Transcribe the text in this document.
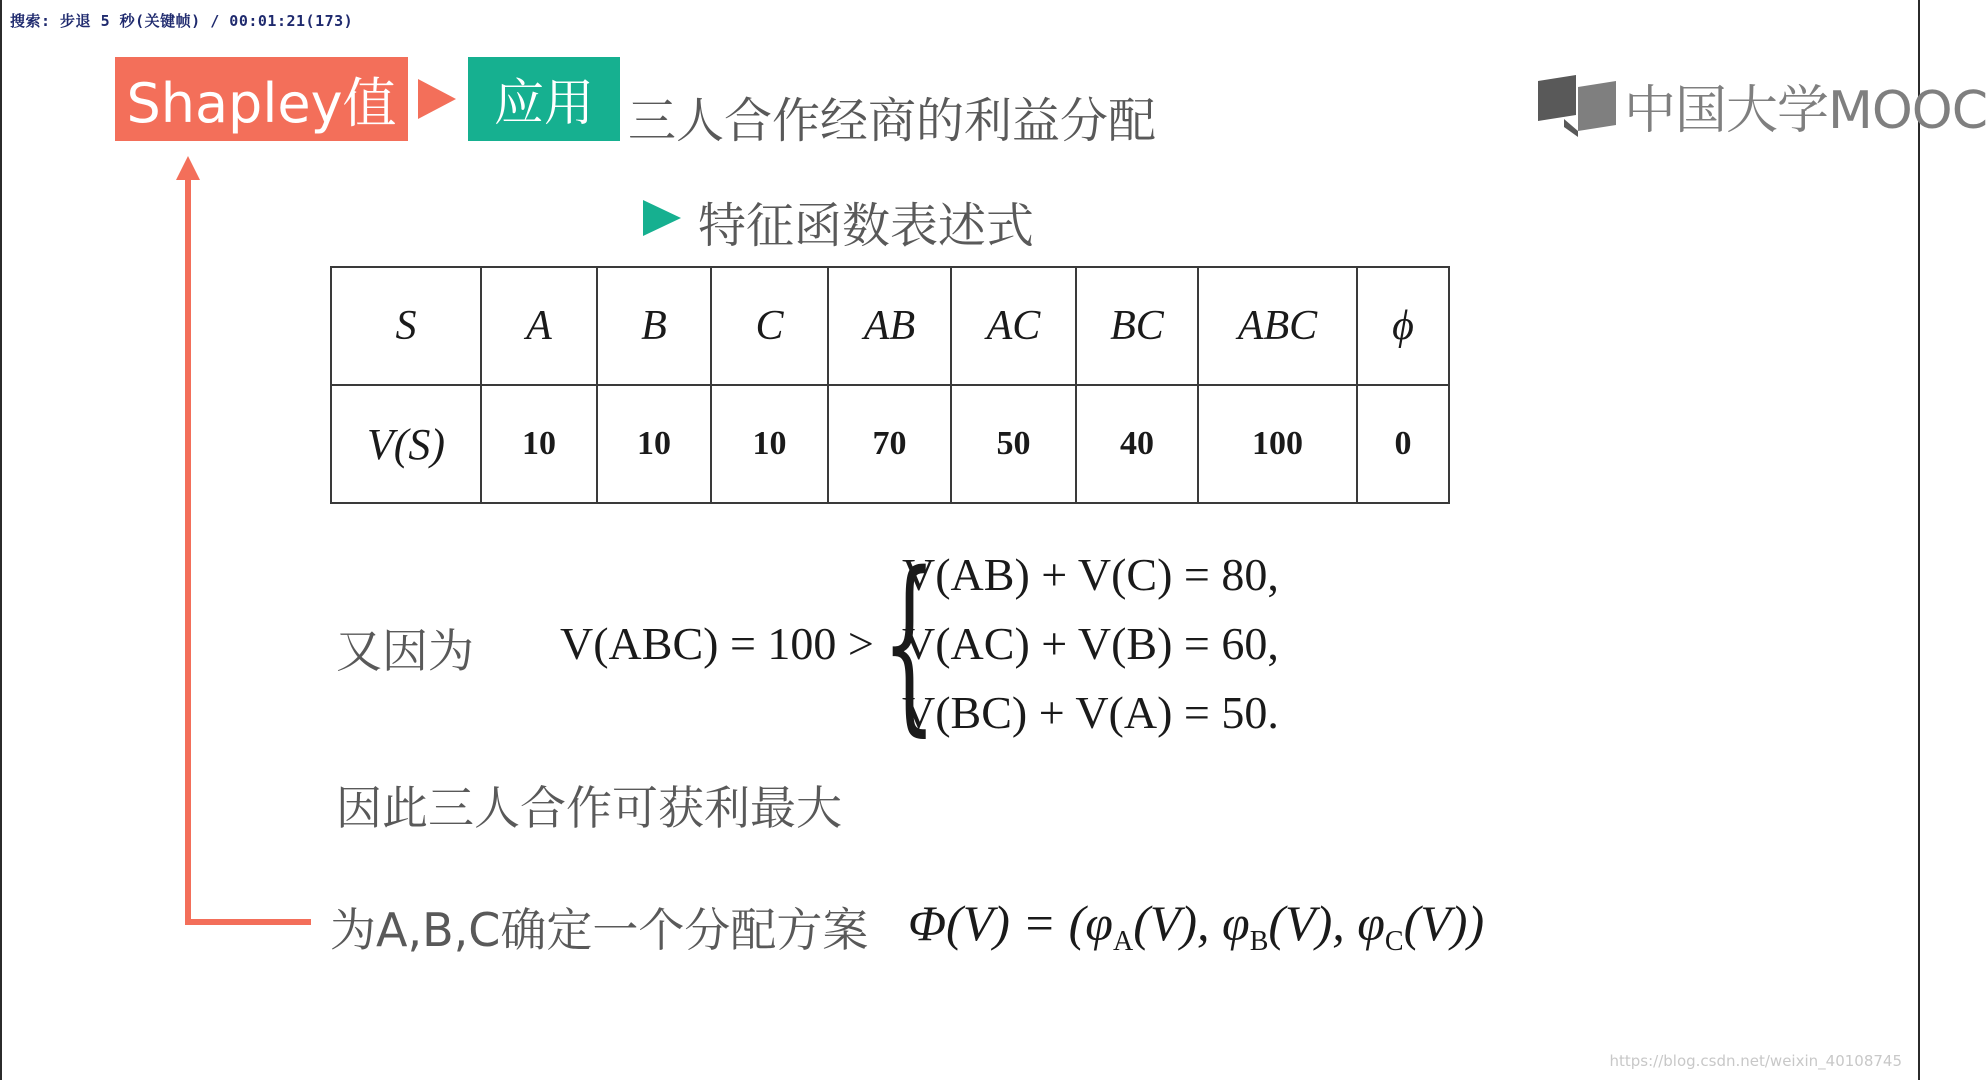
搜索: 步退 5 秒(关键帧) / 00:01:21(173)
Shapley值	应用 三人合作经商的利益分配	中国大学MOOC
特征函数表述式
S	A	B	C	AB	AC	BC	ABC	ϕ
V(S)	10	10	10	70	50	40	100	0
又因为 V(ABC) = 100 > {
V(AB) + V(C) = 80,
V(AC) + V(B) = 60,
V(BC) + V(A) = 50.
因此三人合作可获利最大
为A,B,C确定一个分配方案 $\Phi(V) = (\varphi_A(V)$, $\varphi_B(V)$, $\varphi_C(V)$)
https://blog.csdn.net/weixin_40108745
